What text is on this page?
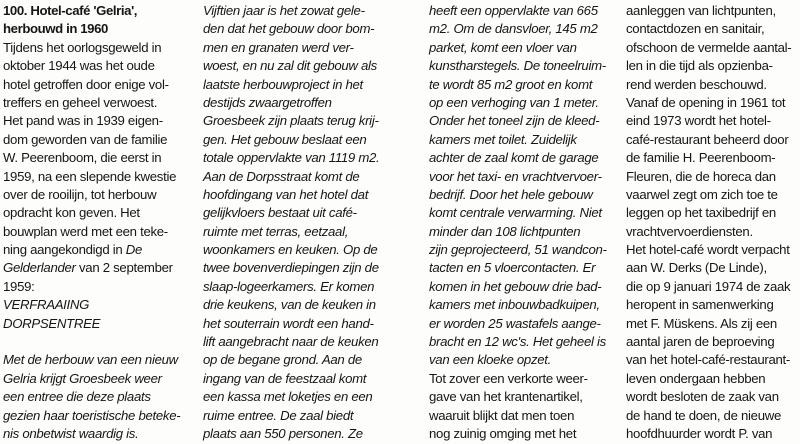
100. Hotel-café 'Gelria',
herbouwd in 1960
Tijdens het oorlogsgeweld in
oktober 1944 was het oude
hotel getroffen door enige vol-
treffers en geheel verwoest.
Het pand was in 1939 eigen-
dom geworden van de familie
W. Peerenboom, die eerst in
1959, na een slepende kwestie
over de rooilijn, tot herbouw
opdracht kon geven. Het
bouwplan werd met een teke-
ning aangekondigd in De
Gelderlander van 2 september
1959:
VERFRAAIING
DORPSENTREE
Met de herbouw van een nieuw
Gelria krijgt Groesbeek weer
een entree die deze plaats
gezien haar toeristische beteke-
nis onbetwist waardig is.
Vijftien jaar is het zowat gele-
den dat het gebouw door bom-
men en granaten werd ver-
woest, en nu zal dit gebouw als
laatste herbouwproject in het
destijds zwaargetroffen
Groesbeek zijn plaats terug krij-
gen. Het gebouw beslaat een
totale oppervlakte van 1119 m2.
Aan de Dorpsstraat komt de
hoofdingang van het hotel dat
gelijkvloers bestaat uit café-
ruimte met terras, eetzaal,
woonkamers en keuken. Op de
twee bovenverdiepingen zijn de
slaap-logeerkamers. Er komen
drie keukens, van de keuken in
het souterrain wordt een hand-
lift aangebracht naar de keuken
op de begane grond. Aan de
ingang van de feestzaal komt
een kassa met loketjes en een
ruime entree. De zaal biedt
plaats aan 550 personen. Ze
heeft een oppervlakte van 665
m2. Om de dansvloer, 145 m2
parket, komt een vloer van
kunstharstegels. De toneelruim-
te wordt 85 m2 groot en komt
op een verhoging van 1 meter.
Onder het toneel zijn de kleed-
kamers met toilet. Zuidelijk
achter de zaal komt de garage
voor het taxi- en vrachtvervoer-
bedrijf. Door het hele gebouw
komt centrale verwarming. Niet
minder dan 108 lichtpunten
zijn geprojecteerd, 51 wandcon-
tacten en 5 vloercontacten. Er
komen in het gebouw drie bad-
kamers met inbouwbadkuipen,
er worden 25 wastafels aange-
bracht en 12 wc's. Het geheel is
van een kloeke opzet.
Tot zover een verkorte weer-
gave van het krantenartikel,
waaruit blijkt dat men toen
nog zuinig omging met het
aanleggen van lichtpunten,
contactdozen en sanitair,
ofschoon de vermelde aantal-
len in die tijd als opzienba-
rend werden beschouwd.
Vanaf de opening in 1961 tot
eind 1973 wordt het hotel-
café-restaurant beheerd door
de familie H. Peerenboom-
Fleuren, die de horeca dan
vaarwel zegt om zich toe te
leggen op het taxibedrijf en
vrachtvervoerdiensten.
Het hotel-café wordt verpacht
aan W. Derks (De Linde),
die op 9 januari 1974 de zaak
heropent in samenwerking
met F. Müskens. Als zij een
aantal jaren de beproeving
van het hotel-café-restaurant-
leven ondergaan hebben
wordt besloten de zaak van
de hand te doen, de nieuwe
hoofdhuurder wordt P. van
